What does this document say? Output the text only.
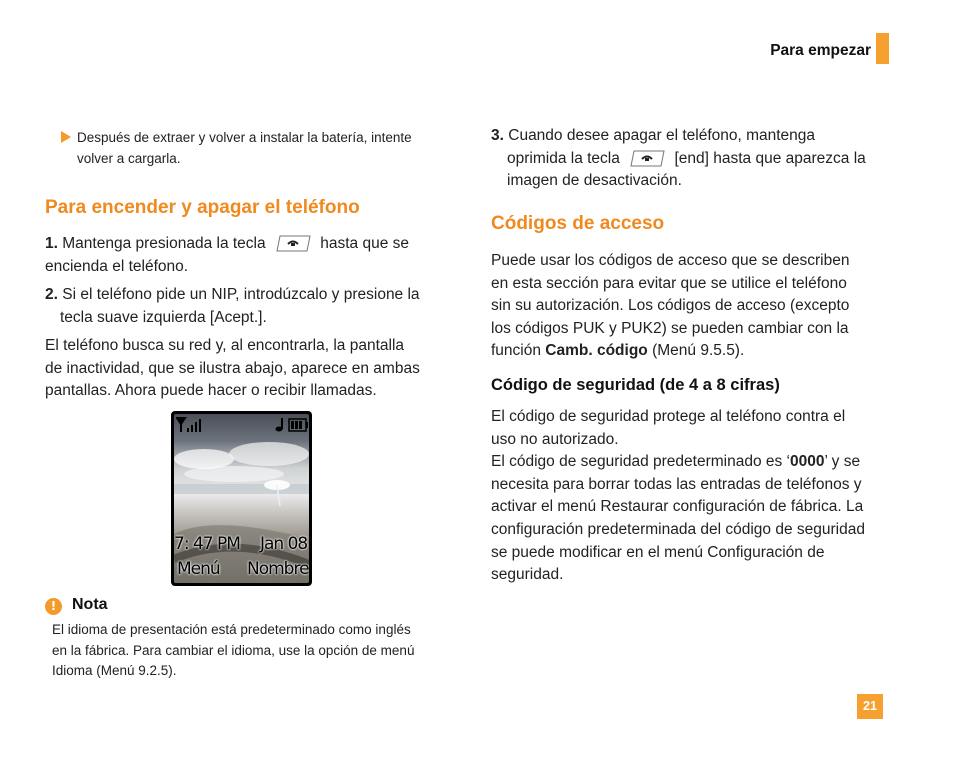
Para empezar
Después de extraer y volver a instalar la batería, intente
volver a cargarla.
Para encender y apagar el teléfono
1. Mantenga presionada la tecla	hasta que se
encienda el teléfono.
2. Si el teléfono pide un NIP, introdúzcalo y presione la
tecla suave izquierda [Acept.].
El teléfono busca su red y, al encontrarla, la pantalla
de inactividad, que se ilustra abajo, aparece en ambas
pantallas. Ahora puede hacer o recibir llamadas.
7: 47 PM Jan 08
Menú Nombre
! Nota
El idioma de presentación está predeterminado como inglés
en la fábrica. Para cambiar el idioma, use la opción de menú
Idioma (Menú 9.2.5).
3. Cuando desee apagar el teléfono, mantenga
oprimida la tecla	[end] hasta que aparezca la
imagen de desactivación.
Códigos de acceso
Puede usar los códigos de acceso que se describen
en esta sección para evitar que se utilice el teléfono
sin su autorización. Los códigos de acceso (excepto
los códigos PUK y PUK2) se pueden cambiar con la
función Camb. código (Menú 9.5.5).
Código de seguridad (de 4 a 8 cifras)
El código de seguridad protege al teléfono contra el
uso no autorizado.
El código de seguridad predeterminado es ‘0000’ y se
necesita para borrar todas las entradas de teléfonos y
activar el menú Restaurar configuración de fábrica. La
configuración predeterminada del código de seguridad
se puede modificar en el menú Configuración de
seguridad.
21
